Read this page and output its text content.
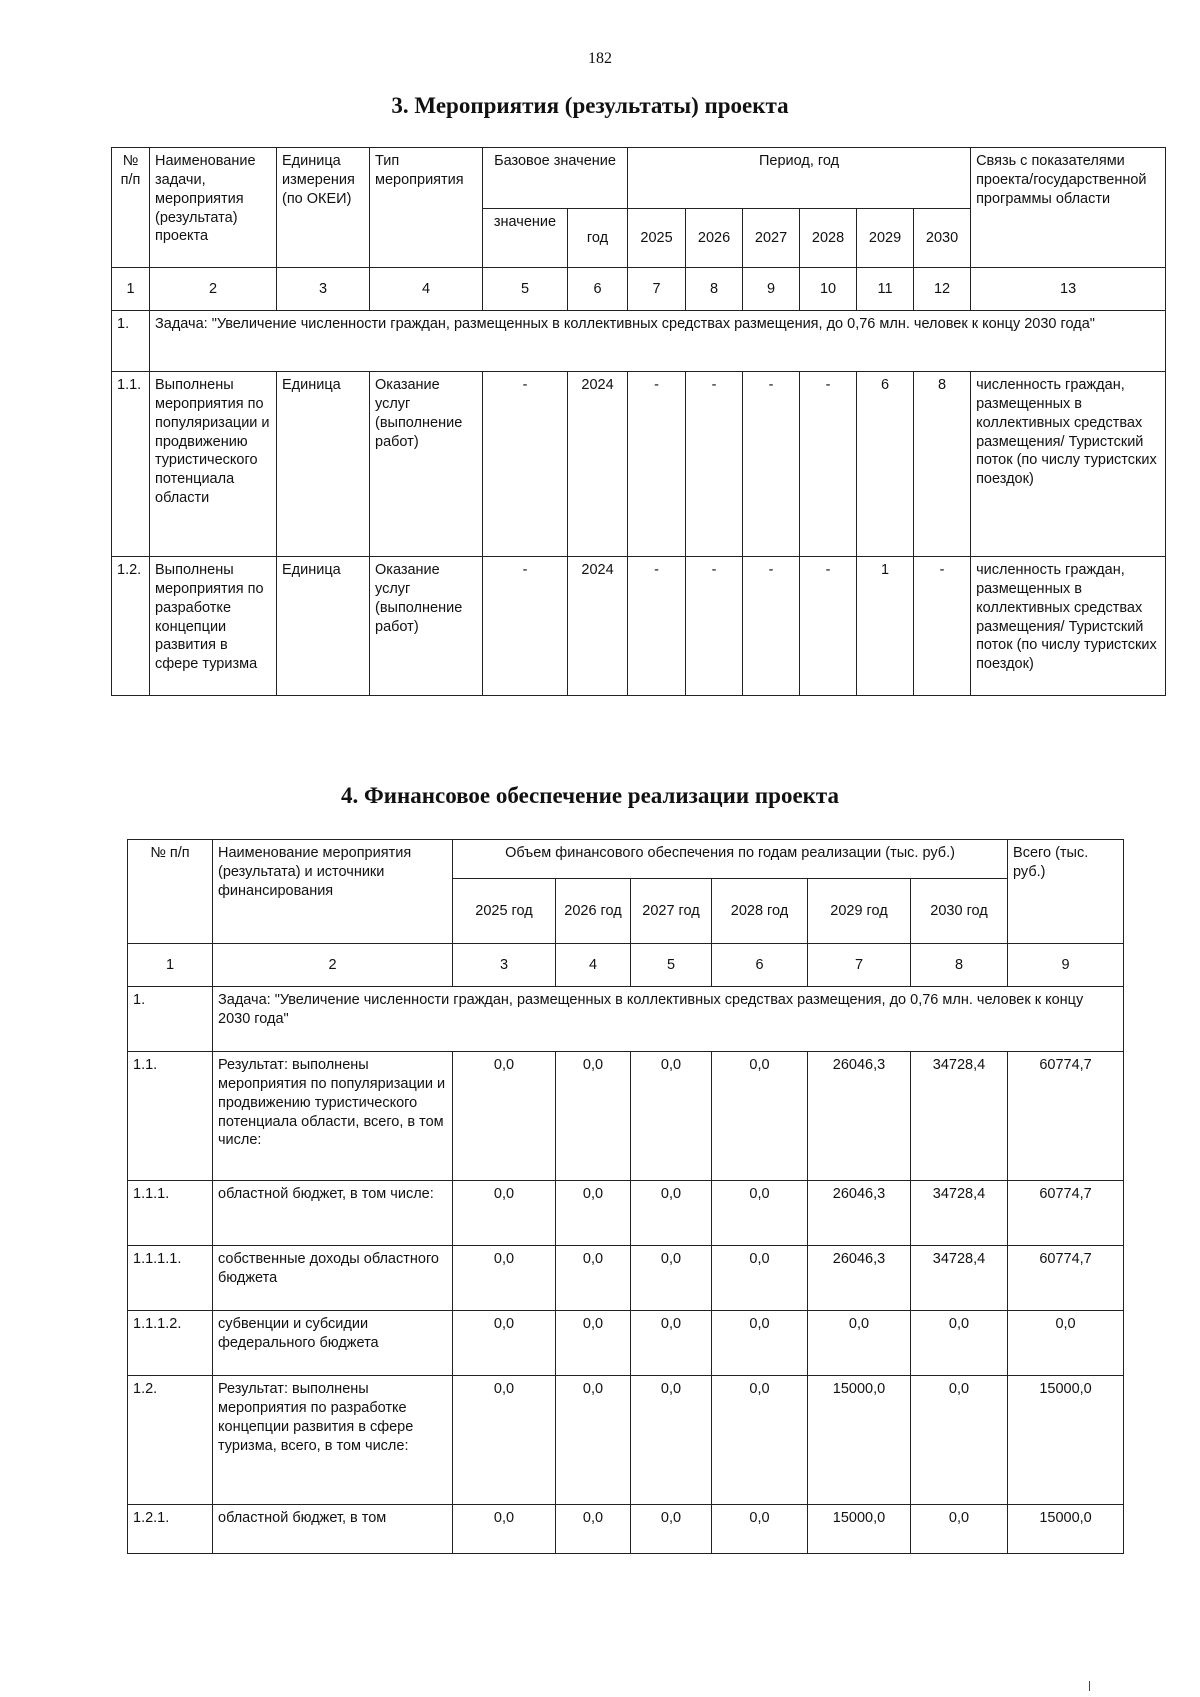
182
3. Мероприятия (результаты) проекта
№ п/п	Наименование задачи, мероприятия (результата) проекта	Единица измерения (по ОКЕИ)	Тип мероприятия	Базовое значение		Период, год						Связь с показателями проекта/государственной программы области
				значение	год	2025	2026	2027	2028	2029	2030	
1	2	3	4	5	6	7	8	9	10	11	12	13
1.	Задача: "Увеличение численности граждан, размещенных в коллективных средствах размещения, до 0,76 млн. человек к концу 2030 года"											
1.1.	Выполнены мероприятия по популяризации и продвижению туристического потенциала области	Единица	Оказание услуг (выполнение работ)	-	2024	-	-	-	-	6	8	численность граждан, размещенных в коллективных средствах размещения/ Туристский поток (по числу туристских поездок)
1.2.	Выполнены мероприятия по разработке концепции развития в сфере туризма	Единица	Оказание услуг (выполнение работ)	-	2024	-	-	-	-	1	-	численность граждан, размещенных в коллективных средствах размещения/ Туристский поток (по числу туристских поездок)
4. Финансовое обеспечение реализации проекта
№ п/п	Наименование мероприятия (результата) и источники финансирования	Объем финансового обеспечения по годам реализации (тыс. руб.)						Всего (тыс. руб.)
		2025 год	2026 год	2027 год	2028 год	2029 год	2030 год	
1	2	3	4	5	6	7	8	9
1.	Задача: "Увеличение численности граждан, размещенных в коллективных средствах размещения, до 0,76 млн. человек к концу 2030 года"							
1.1.	Результат: выполнены мероприятия по популяризации и продвижению туристического потенциала области, всего, в том числе:	0,0	0,0	0,0	0,0	26046,3	34728,4	60774,7
1.1.1.	областной бюджет, в том числе:	0,0	0,0	0,0	0,0	26046,3	34728,4	60774,7
1.1.1.1.	собственные доходы областного бюджета	0,0	0,0	0,0	0,0	26046,3	34728,4	60774,7
1.1.1.2.	субвенции и субсидии федерального бюджета	0,0	0,0	0,0	0,0	0,0	0,0	0,0
1.2.	Результат: выполнены мероприятия по разработке концепции развития в сфере туризма, всего, в том числе:	0,0	0,0	0,0	0,0	15000,0	0,0	15000,0
1.2.1.	областной бюджет, в том	0,0	0,0	0,0	0,0	15000,0	0,0	15000,0
